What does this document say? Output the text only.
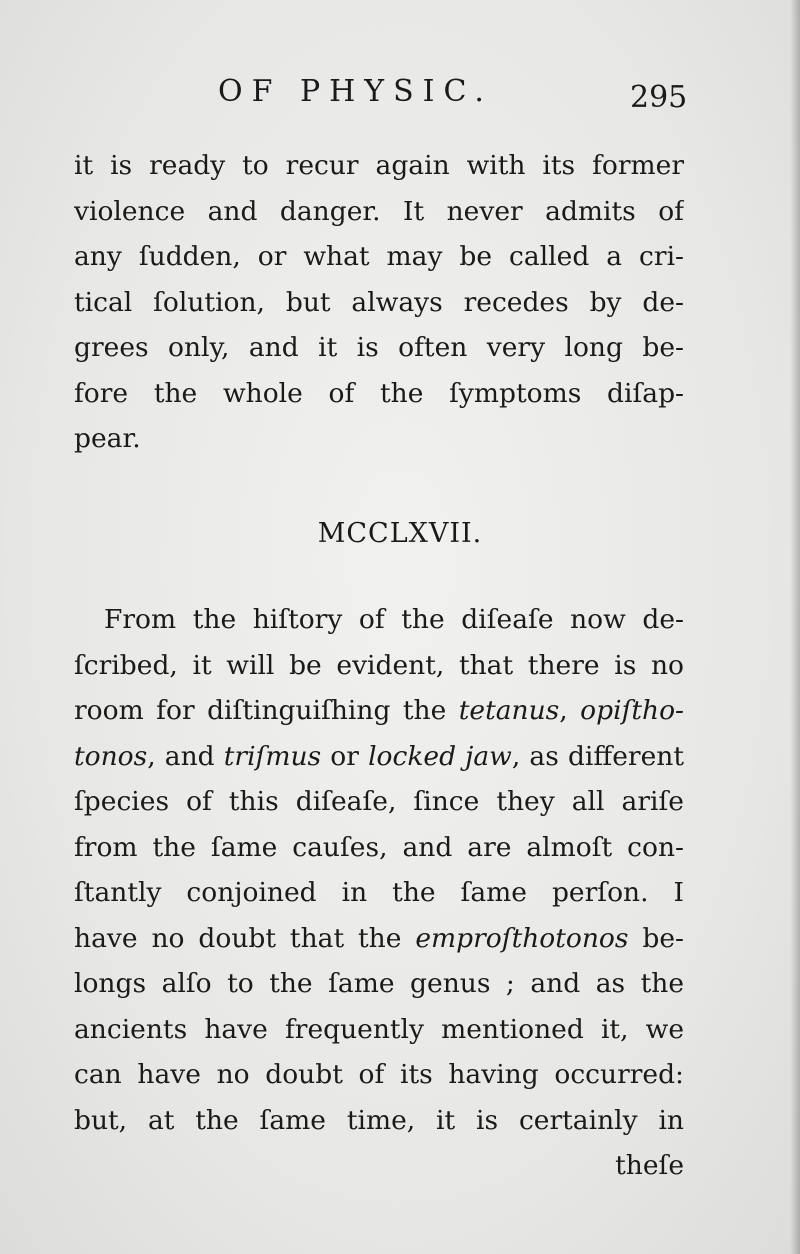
OF PHYSIC.	295
it is ready to recur again with its former
violence and danger. It never admits of
any ſudden, or what may be called a cri-
tical ſolution, but always recedes by de-
grees only, and it is often very long be-
fore the whole of the ſymptoms diſap-
pear.
MCCLXVII.
From the hiſtory of the diſeaſe now de-
ſcribed, it will be evident, that there is no
room for diſtinguiſhing the tetanus, opiſtho-
tonos, and triſmus or locked jaw, as different
ſpecies of this diſeaſe, ſince they all ariſe
from the ſame cauſes, and are almoſt con-
ſtantly conjoined in the ſame perſon. I
have no doubt that the emproſthotonos be-
longs alſo to the ſame genus ; and as the
ancients have frequently mentioned it, we
can have no doubt of its having occurred:
but, at the ſame time, it is certainly in
theſe
